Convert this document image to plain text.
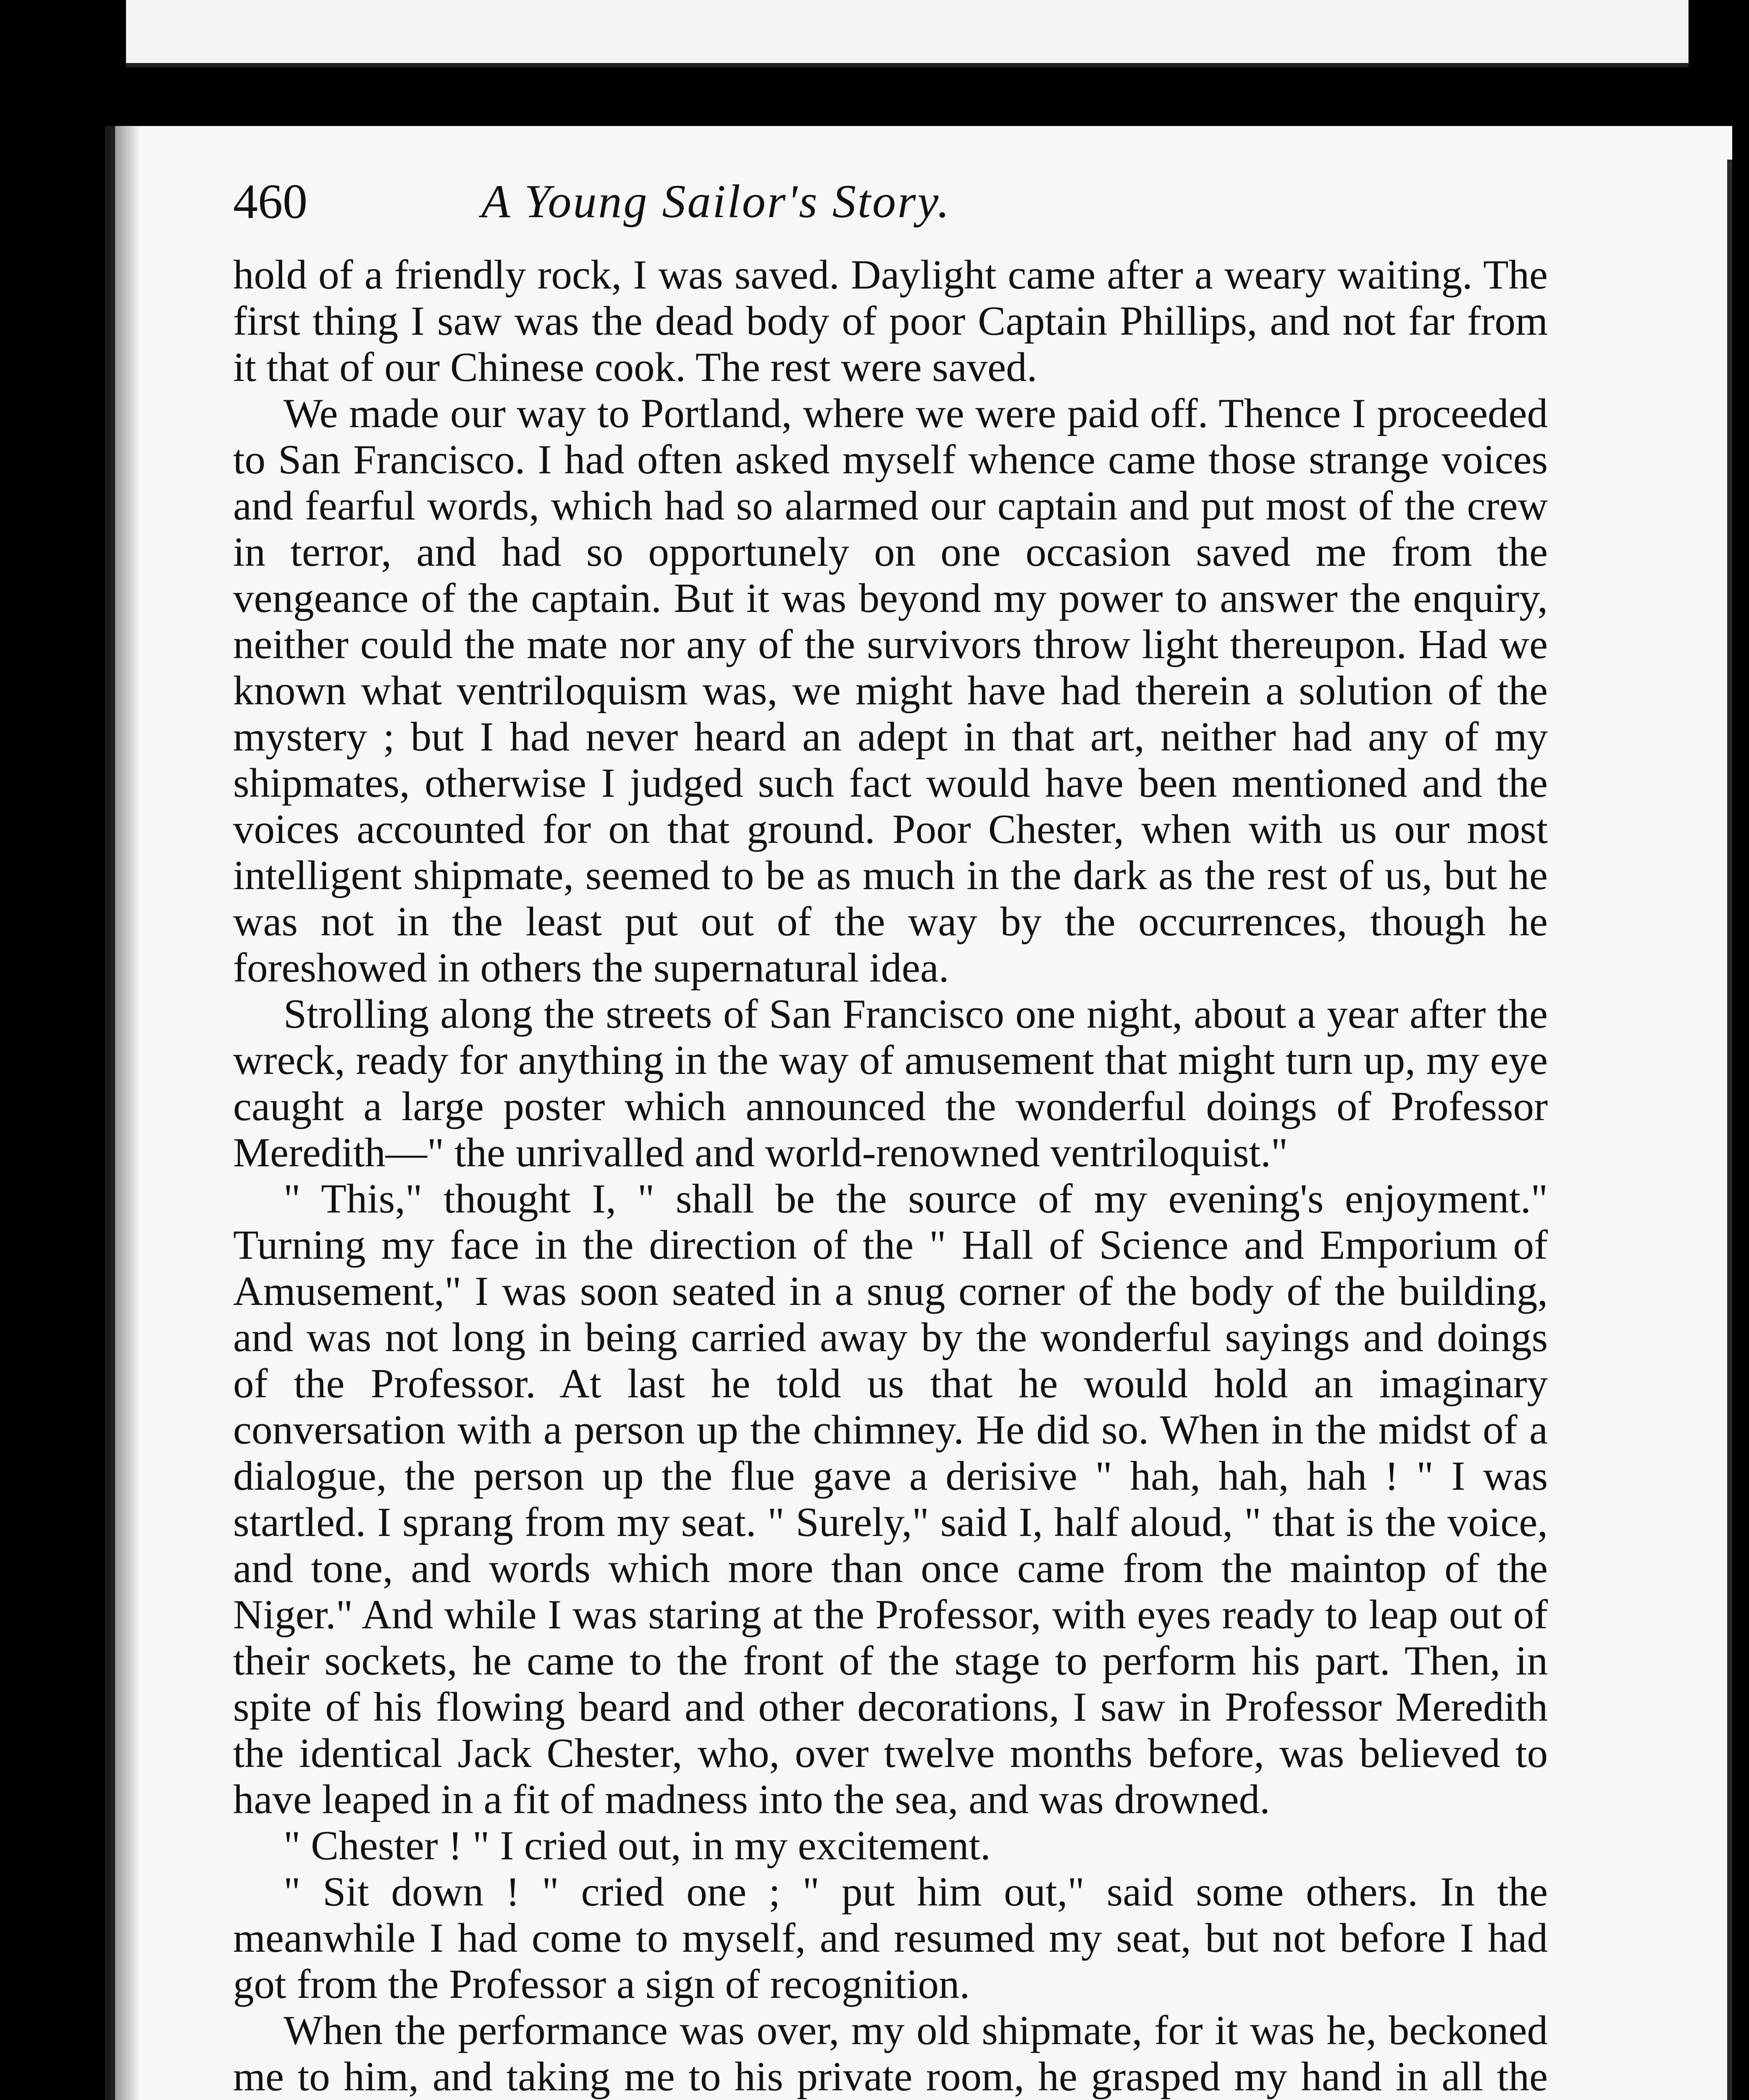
460	A Young Sailor's Story.

hold of a friendly rock, I was saved. Daylight came after a weary waiting. The first thing I saw was the dead body of poor Captain Phillips, and not far from it that of our Chinese cook. The rest were saved.

We made our way to Portland, where we were paid off. Thence I proceeded to San Francisco. I had often asked myself whence came those strange voices and fearful words, which had so alarmed our captain and put most of the crew in terror, and had so opportunely on one occasion saved me from the vengeance of the captain. But it was beyond my power to answer the enquiry, neither could the mate nor any of the survivors throw light thereupon. Had we known what ventriloquism was, we might have had therein a solution of the mystery ; but I had never heard an adept in that art, neither had any of my shipmates, otherwise I judged such fact would have been mentioned and the voices accounted for on that ground. Poor Chester, when with us our most intelligent shipmate, seemed to be as much in the dark as the rest of us, but he was not in the least put out of the way by the occurrences, though he foreshowed in others the supernatural idea.

Strolling along the streets of San Francisco one night, about a year after the wreck, ready for anything in the way of amusement that might turn up, my eye caught a large poster which announced the wonderful doings of Professor Meredith—" the unrivalled and world-renowned ventriloquist."

" This," thought I, " shall be the source of my evening's enjoyment." Turning my face in the direction of the " Hall of Science and Emporium of Amusement," I was soon seated in a snug corner of the body of the building, and was not long in being carried away by the wonderful sayings and doings of the Professor. At last he told us that he would hold an imaginary conversation with a person up the chimney. He did so. When in the midst of a dialogue, the person up the flue gave a derisive " hah, hah, hah ! " I was startled. I sprang from my seat. " Surely," said I, half aloud, " that is the voice, and tone, and words which more than once came from the maintop of the Niger." And while I was staring at the Professor, with eyes ready to leap out of their sockets, he came to the front of the stage to perform his part. Then, in spite of his flowing beard and other decorations, I saw in Professor Meredith the identical Jack Chester, who, over twelve months before, was believed to have leaped in a fit of madness into the sea, and was drowned.

" Chester ! " I cried out, in my excitement.

" Sit down ! " cried one ; " put him out," said some others. In the meanwhile I had come to myself, and resumed my seat, but not before I had got from the Professor a sign of recognition.

When the performance was over, my old shipmate, for it was he, beckoned me to him, and taking me to his private room, he grasped my hand in all the
